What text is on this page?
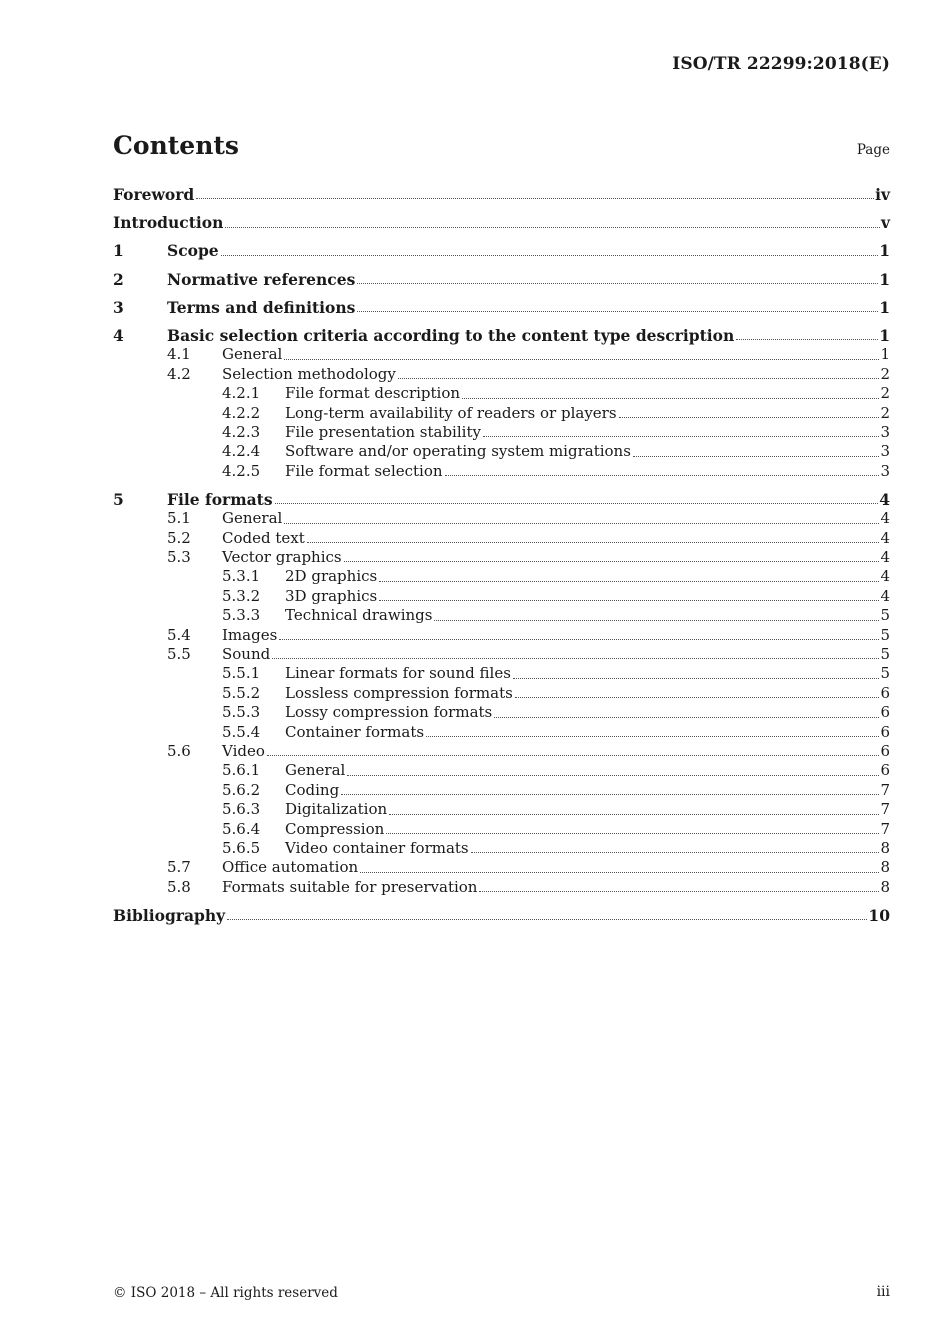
ISO/TR 22299:2018(E)
Contents	Page
Foreword	iv
Introduction	v
1	Scope	1
2	Normative references	1
3	Terms and definitions	1
4	Basic selection criteria according to the content type description	1
4.1	General	1
4.2	Selection methodology	2
4.2.1	File format description	2
4.2.2	Long-term availability of readers or players	2
4.2.3	File presentation stability	3
4.2.4	Software and/or operating system migrations	3
4.2.5	File format selection	3
5	File formats	4
5.1	General	4
5.2	Coded text	4
5.3	Vector graphics	4
5.3.1	2D graphics	4
5.3.2	3D graphics	4
5.3.3	Technical drawings	5
5.4	Images	5
5.5	Sound	5
5.5.1	Linear formats for sound files	5
5.5.2	Lossless compression formats	6
5.5.3	Lossy compression formats	6
5.5.4	Container formats	6
5.6	Video	6
5.6.1	General	6
5.6.2	Coding	7
5.6.3	Digitalization	7
5.6.4	Compression	7
5.6.5	Video container formats	8
5.7	Office automation	8
5.8	Formats suitable for preservation	8
Bibliography	10
© ISO 2018 – All rights reserved	iii
